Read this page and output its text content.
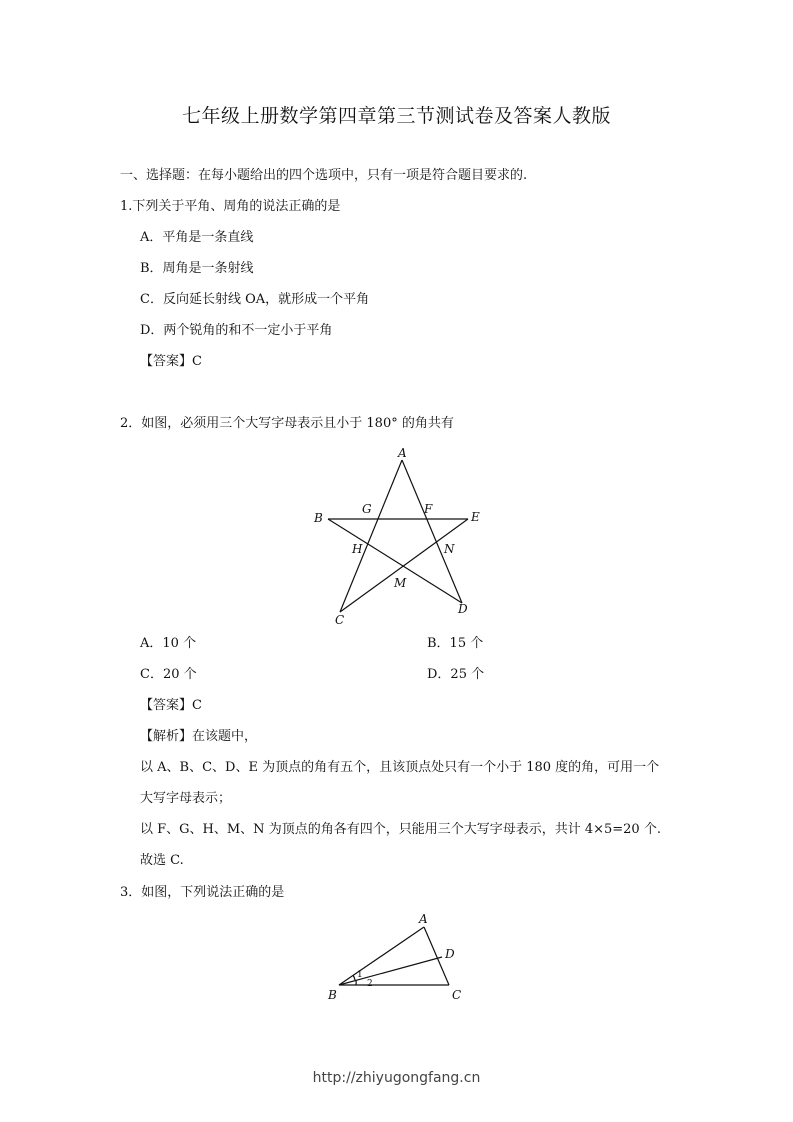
七年级上册数学第四章第三节测试卷及答案人教版
一、选择题：在每小题给出的四个选项中，只有一项是符合题目要求的.
1.下列关于平角、周角的说法正确的是
A．平角是一条直线
B．周角是一条射线
C．反向延长射线 OA，就形成一个平角
D．两个锐角的和不一定小于平角
【答案】C
2．如图，必须用三个大写字母表示且小于 180° 的角共有
A
B
C
D
E
F
G
H
M
N
A
B	C
D
1
2
A．10 个	B．15 个
C．20 个	D．25 个
【答案】C
【解析】在该题中，
以 A、B、C、D、E 为顶点的角有五个，且该顶点处只有一个小于 180 度的角，可用一个
大写字母表示；
以 F、G、H、M、N 为顶点的角各有四个，只能用三个大写字母表示，共计 4×5=20 个.
故选 C.
3．如图，下列说法正确的是
http://zhiyugongfang.cn
